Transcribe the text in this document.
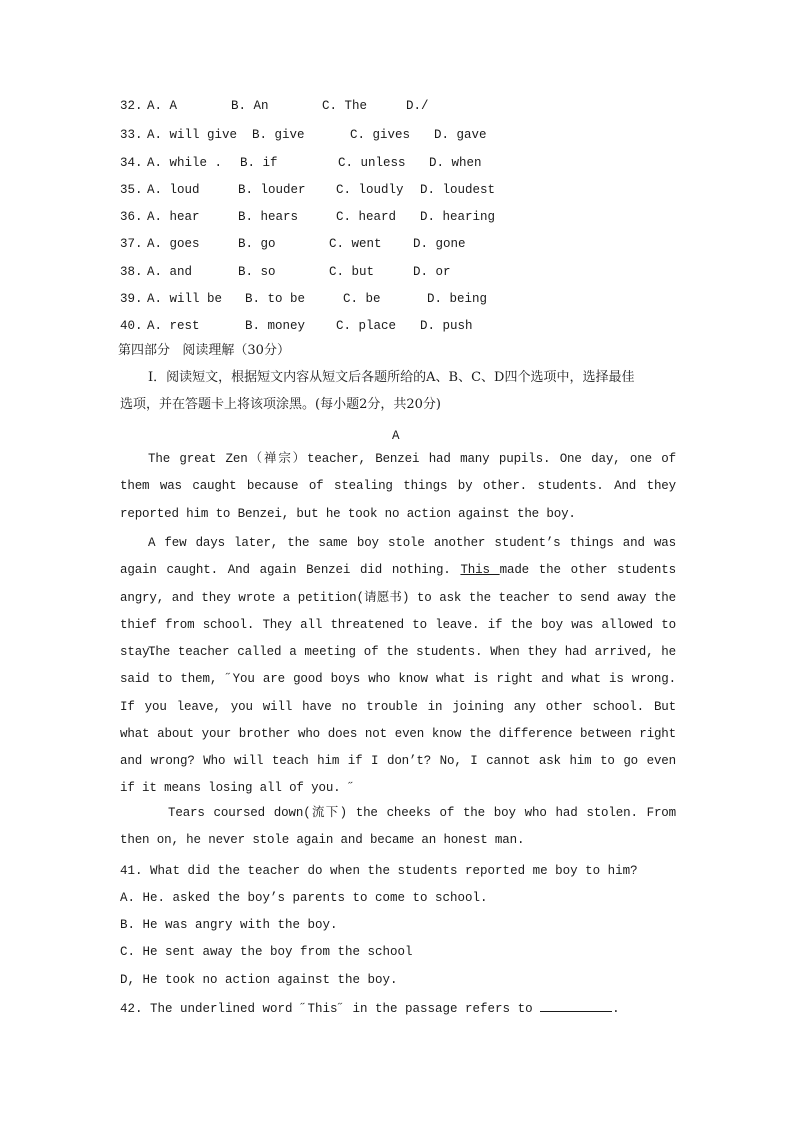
32. A. A	B. An	C. The	D./
33. A. will give B. give	C. gives D. gave
34. A. while . B. if	C. unless D. when
35. A. loud	B. louder C. loudly D. loudest
36. A. hear	B. hears	C. heard D. hearing
37. A. goes	B. go	C. went	D. gone
38. A. and	B. so	C. but	D. or
39. A. will be B. to be	C. be	D. being
40. A. rest	B. money C. place D. push
第四部分   阅读理解（30分）
I．阅读短文，根据短文内容从短文后各题所给的A、B、C、D四个选项中，选择最佳
选项，并在答题卡上将该项涂黑。(每小题2分，共20分)
A
The great Zen（禅宗）teacher, Benzei had many pupils. One day, one of them was caught because of stealing things by other. students. And they reported him to Benzei, but he took no action against the boy.
A few days later, the same boy stole another student’s things and was again caught. And again Benzei did nothing. This made the other students angry, and they wrote a petition(请愿书) to ask the teacher to send away the thief from school. They all threatened to leave. if the boy was allowed to stay.
The teacher called a meeting of the students. When they had arrived, he said to them, ˝You are good boys who know what is right and what is wrong. If you leave, you will have no trouble in joining any other school. But what about your brother who does not even know the difference between right and wrong? Who will teach him if I don’t? No, I cannot ask him to go even if it means losing all of you. ˝
Tears coursed down(流下) the cheeks of the boy who had stolen. From then on, he never stole again and became an honest man.
41. What did the teacher do when the students reported me boy to him?
A. He. asked the boy’s parents to come to school.
B. He was angry with the boy.
C. He sent away the boy from the school
D, He took no action against the boy.
42. The underlined word ˝This˝ in the passage refers to	.
